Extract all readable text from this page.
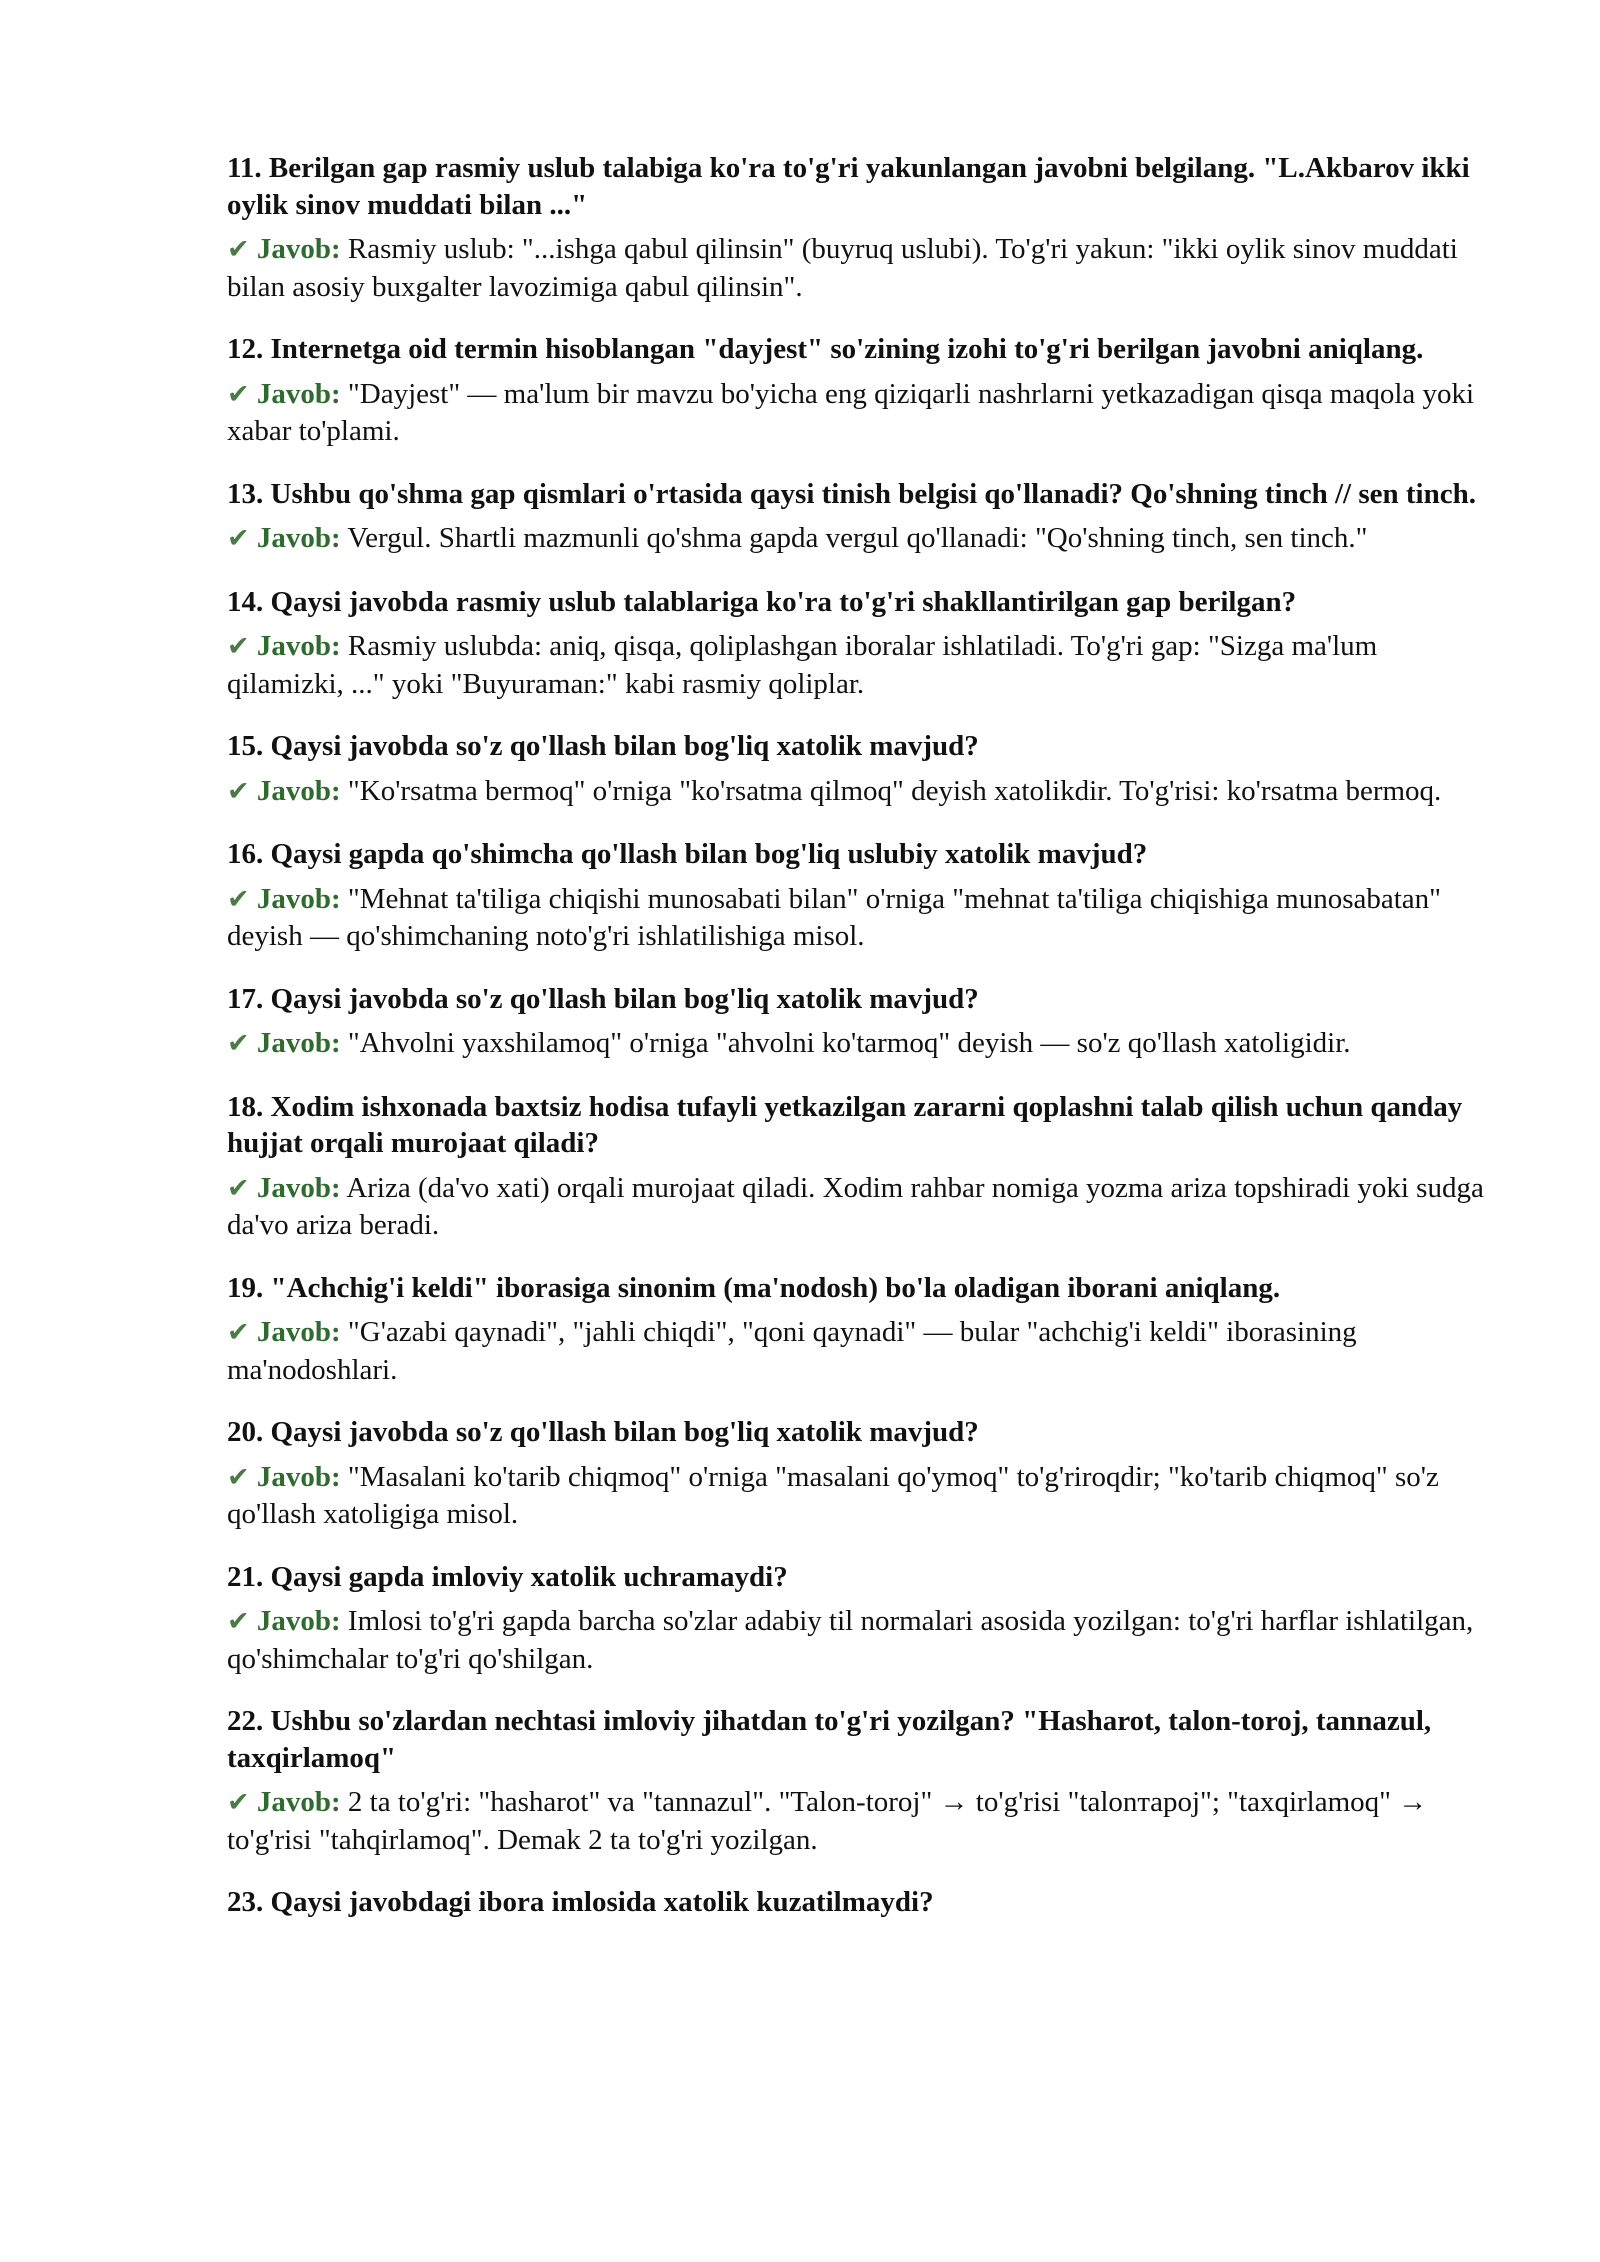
11. Berilgan gap rasmiy uslub talabiga ko'ra to'g'ri yakunlangan javobni belgilang. "L.Akbarov ikki oylik sinov muddati bilan ..."

✔ Javob: Rasmiy uslub: "...ishga qabul qilinsin" (buyruq uslubi). To'g'ri yakun: "ikki oylik sinov muddati bilan asosiy buxgalter lavozimiga qabul qilinsin".

12. Internetga oid termin hisoblangan "dayjest" so'zining izohi to'g'ri berilgan javobni aniqlang.

✔ Javob: "Dayjest" — ma'lum bir mavzu bo'yicha eng qiziqarli nashrlarni yetkazadigan qisqa maqola yoki xabar to'plami.

13. Ushbu qo'shma gap qismlari o'rtasida qaysi tinish belgisi qo'llanadi? Qo'shning tinch // sen tinch.

✔ Javob: Vergul. Shartli mazmunli qo'shma gapda vergul qo'llanadi: "Qo'shning tinch, sen tinch."

14. Qaysi javobda rasmiy uslub talablariga ko'ra to'g'ri shakllantirilgan gap berilgan?

✔ Javob: Rasmiy uslubda: aniq, qisqa, qoliplashgan iboralar ishlatiladi. To'g'ri gap: "Sizga ma'lum qilamizki, ..." yoki "Buyuraman:" kabi rasmiy qoliplar.

15. Qaysi javobda so'z qo'llash bilan bog'liq xatolik mavjud?

✔ Javob: "Ko'rsatma bermoq" o'rniga "ko'rsatma qilmoq" deyish xatolikdir. To'g'risi: ko'rsatma bermoq.

16. Qaysi gapda qo'shimcha qo'llash bilan bog'liq uslubiy xatolik mavjud?

✔ Javob: "Mehnat ta'tiliga chiqishi munosabati bilan" o'rniga "mehnat ta'tiliga chiqishiga munosabatan" deyish — qo'shimchaning noto'g'ri ishlatilishiga misol.

17. Qaysi javobda so'z qo'llash bilan bog'liq xatolik mavjud?

✔ Javob: "Ahvolni yaxshilamoq" o'rniga "ahvolni ko'tarmoq" deyish — so'z qo'llash xatoligidir.

18. Xodim ishxonada baxtsiz hodisa tufayli yetkazilgan zararni qoplashni talab qilish uchun qanday hujjat orqali murojaat qiladi?

✔ Javob: Ariza (da'vo xati) orqali murojaat qiladi. Xodim rahbar nomiga yozma ariza topshiradi yoki sudga da'vo ariza beradi.

19. "Achchig'i keldi" iborasiga sinonim (ma'nodosh) bo'la oladigan iborani aniqlang.

✔ Javob: "G'azabi qaynadi", "jahli chiqdi", "qoni qaynadi" — bular "achchig'i keldi" iborasining ma'nodoshlari.

20. Qaysi javobda so'z qo'llash bilan bog'liq xatolik mavjud?

✔ Javob: "Masalani ko'tarib chiqmoq" o'rniga "masalani qo'ymoq" to'g'riroqdir; "ko'tarib chiqmoq" so'z qo'llash xatoligiga misol.

21. Qaysi gapda imloviy xatolik uchramaydi?

✔ Javob: Imlosi to'g'ri gapda barcha so'zlar adabiy til normalari asosida yozilgan: to'g'ri harflar ishlatilgan, qo'shimchalar to'g'ri qo'shilgan.

22. Ushbu so'zlardan nechtasi imloviy jihatdan to'g'ri yozilgan? "Hasharot, talon-toroj, tannazul, taxqirlamoq"

✔ Javob: 2 ta to'g'ri: "hasharot" va "tannazul". "Talon-toroj" → to'g'risi "talonтapoj"; "taxqirlamoq" → to'g'risi "tahqirlamoq". Demak 2 ta to'g'ri yozilgan.

23. Qaysi javobdagi ibora imlosida xatolik kuzatilmaydi?
